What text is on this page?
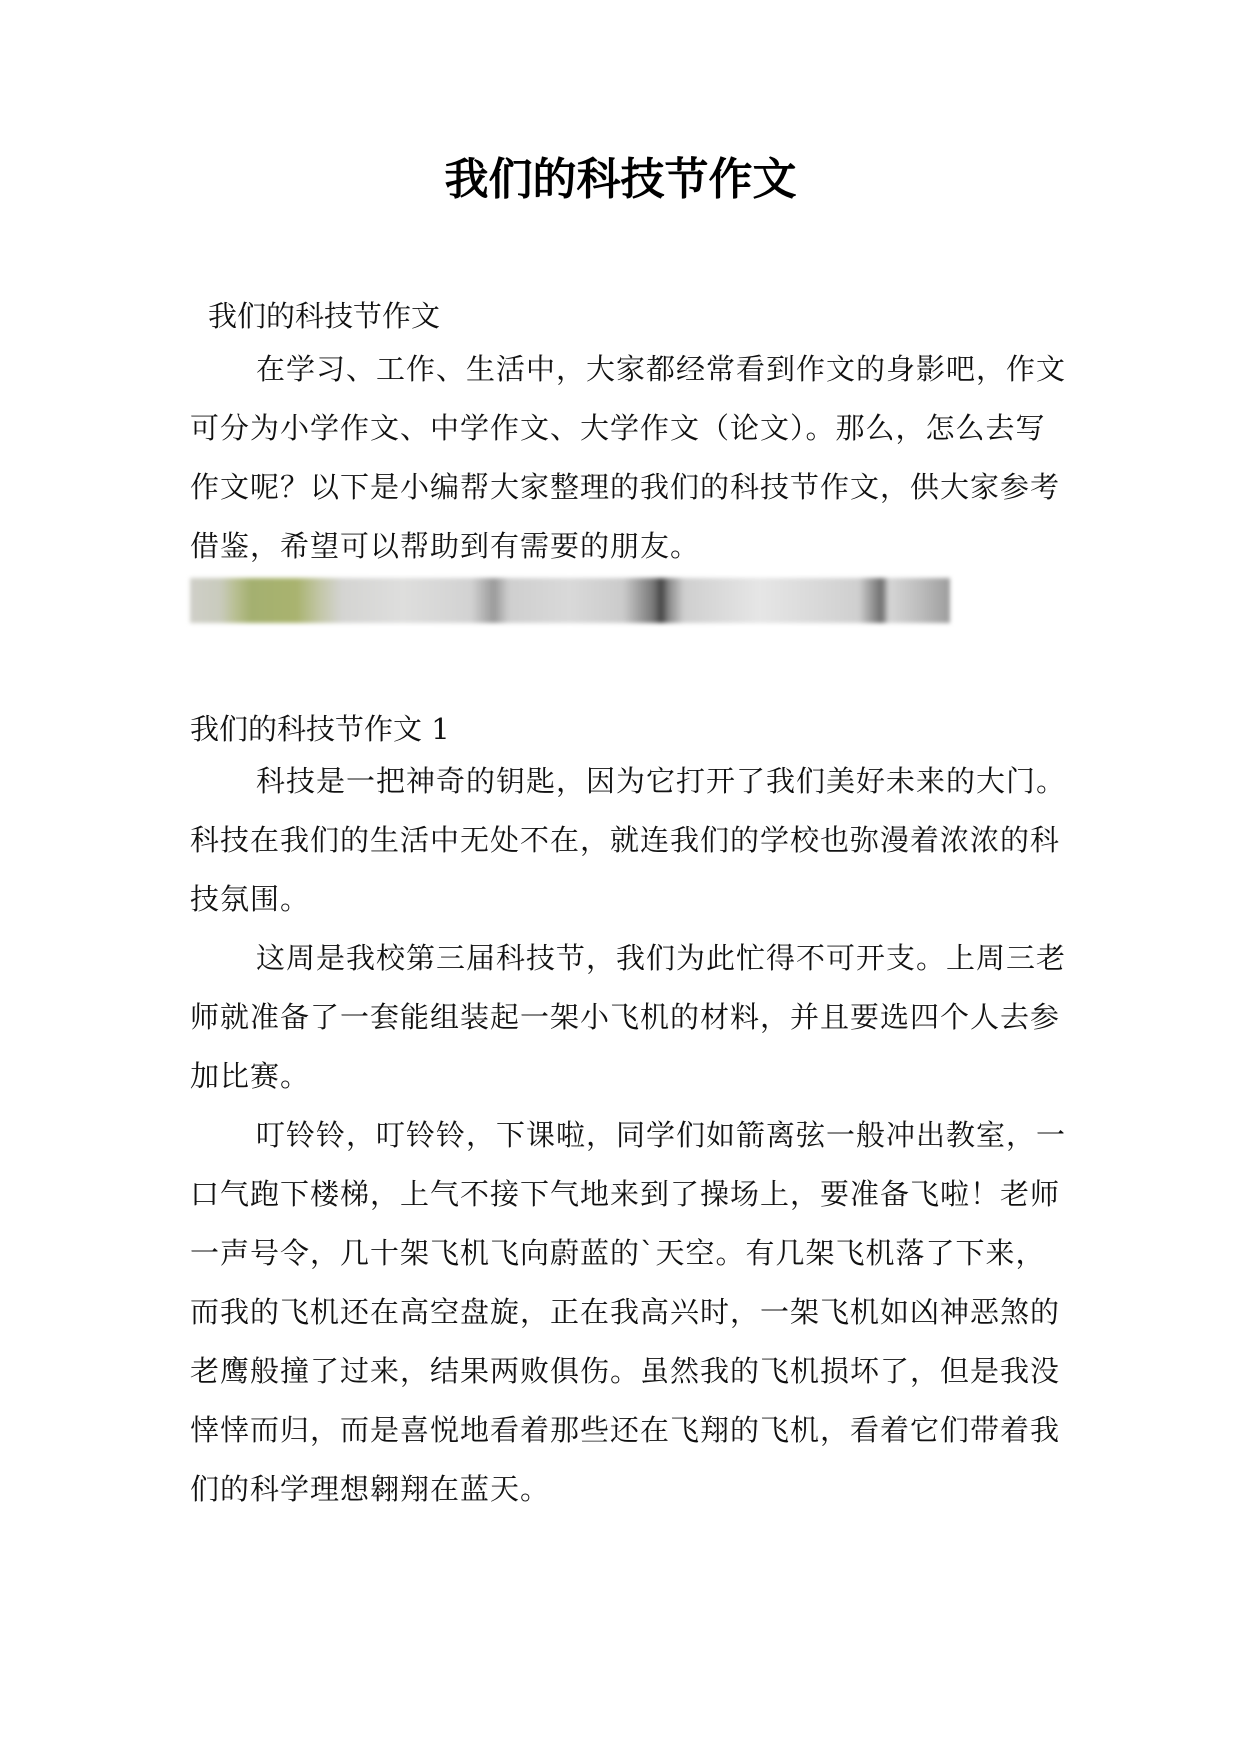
我们的科技节作文

我们的科技节作文

在学习、工作、生活中，大家都经常看到作文的身影吧，作文可分为小学作文、中学作文、大学作文（论文）。那么，怎么去写作文呢？以下是小编帮大家整理的我们的科技节作文，供大家参考借鉴，希望可以帮助到有需要的朋友。

我们的科技节作文 1

科技是一把神奇的钥匙，因为它打开了我们美好未来的大门。科技在我们的生活中无处不在，就连我们的学校也弥漫着浓浓的科技氛围。

这周是我校第三届科技节，我们为此忙得不可开支。上周三老师就准备了一套能组装起一架小飞机的材料，并且要选四个人去参加比赛。

叮铃铃，叮铃铃，下课啦，同学们如箭离弦一般冲出教室，一口气跑下楼梯，上气不接下气地来到了操场上，要准备飞啦！老师一声号令，几十架飞机飞向蔚蓝的`天空。有几架飞机落了下来，而我的飞机还在高空盘旋，正在我高兴时，一架飞机如凶神恶煞的老鹰般撞了过来，结果两败俱伤。虽然我的飞机损坏了，但是我没悻悻而归，而是喜悦地看着那些还在飞翔的飞机，看着它们带着我们的科学理想翱翔在蓝天。
